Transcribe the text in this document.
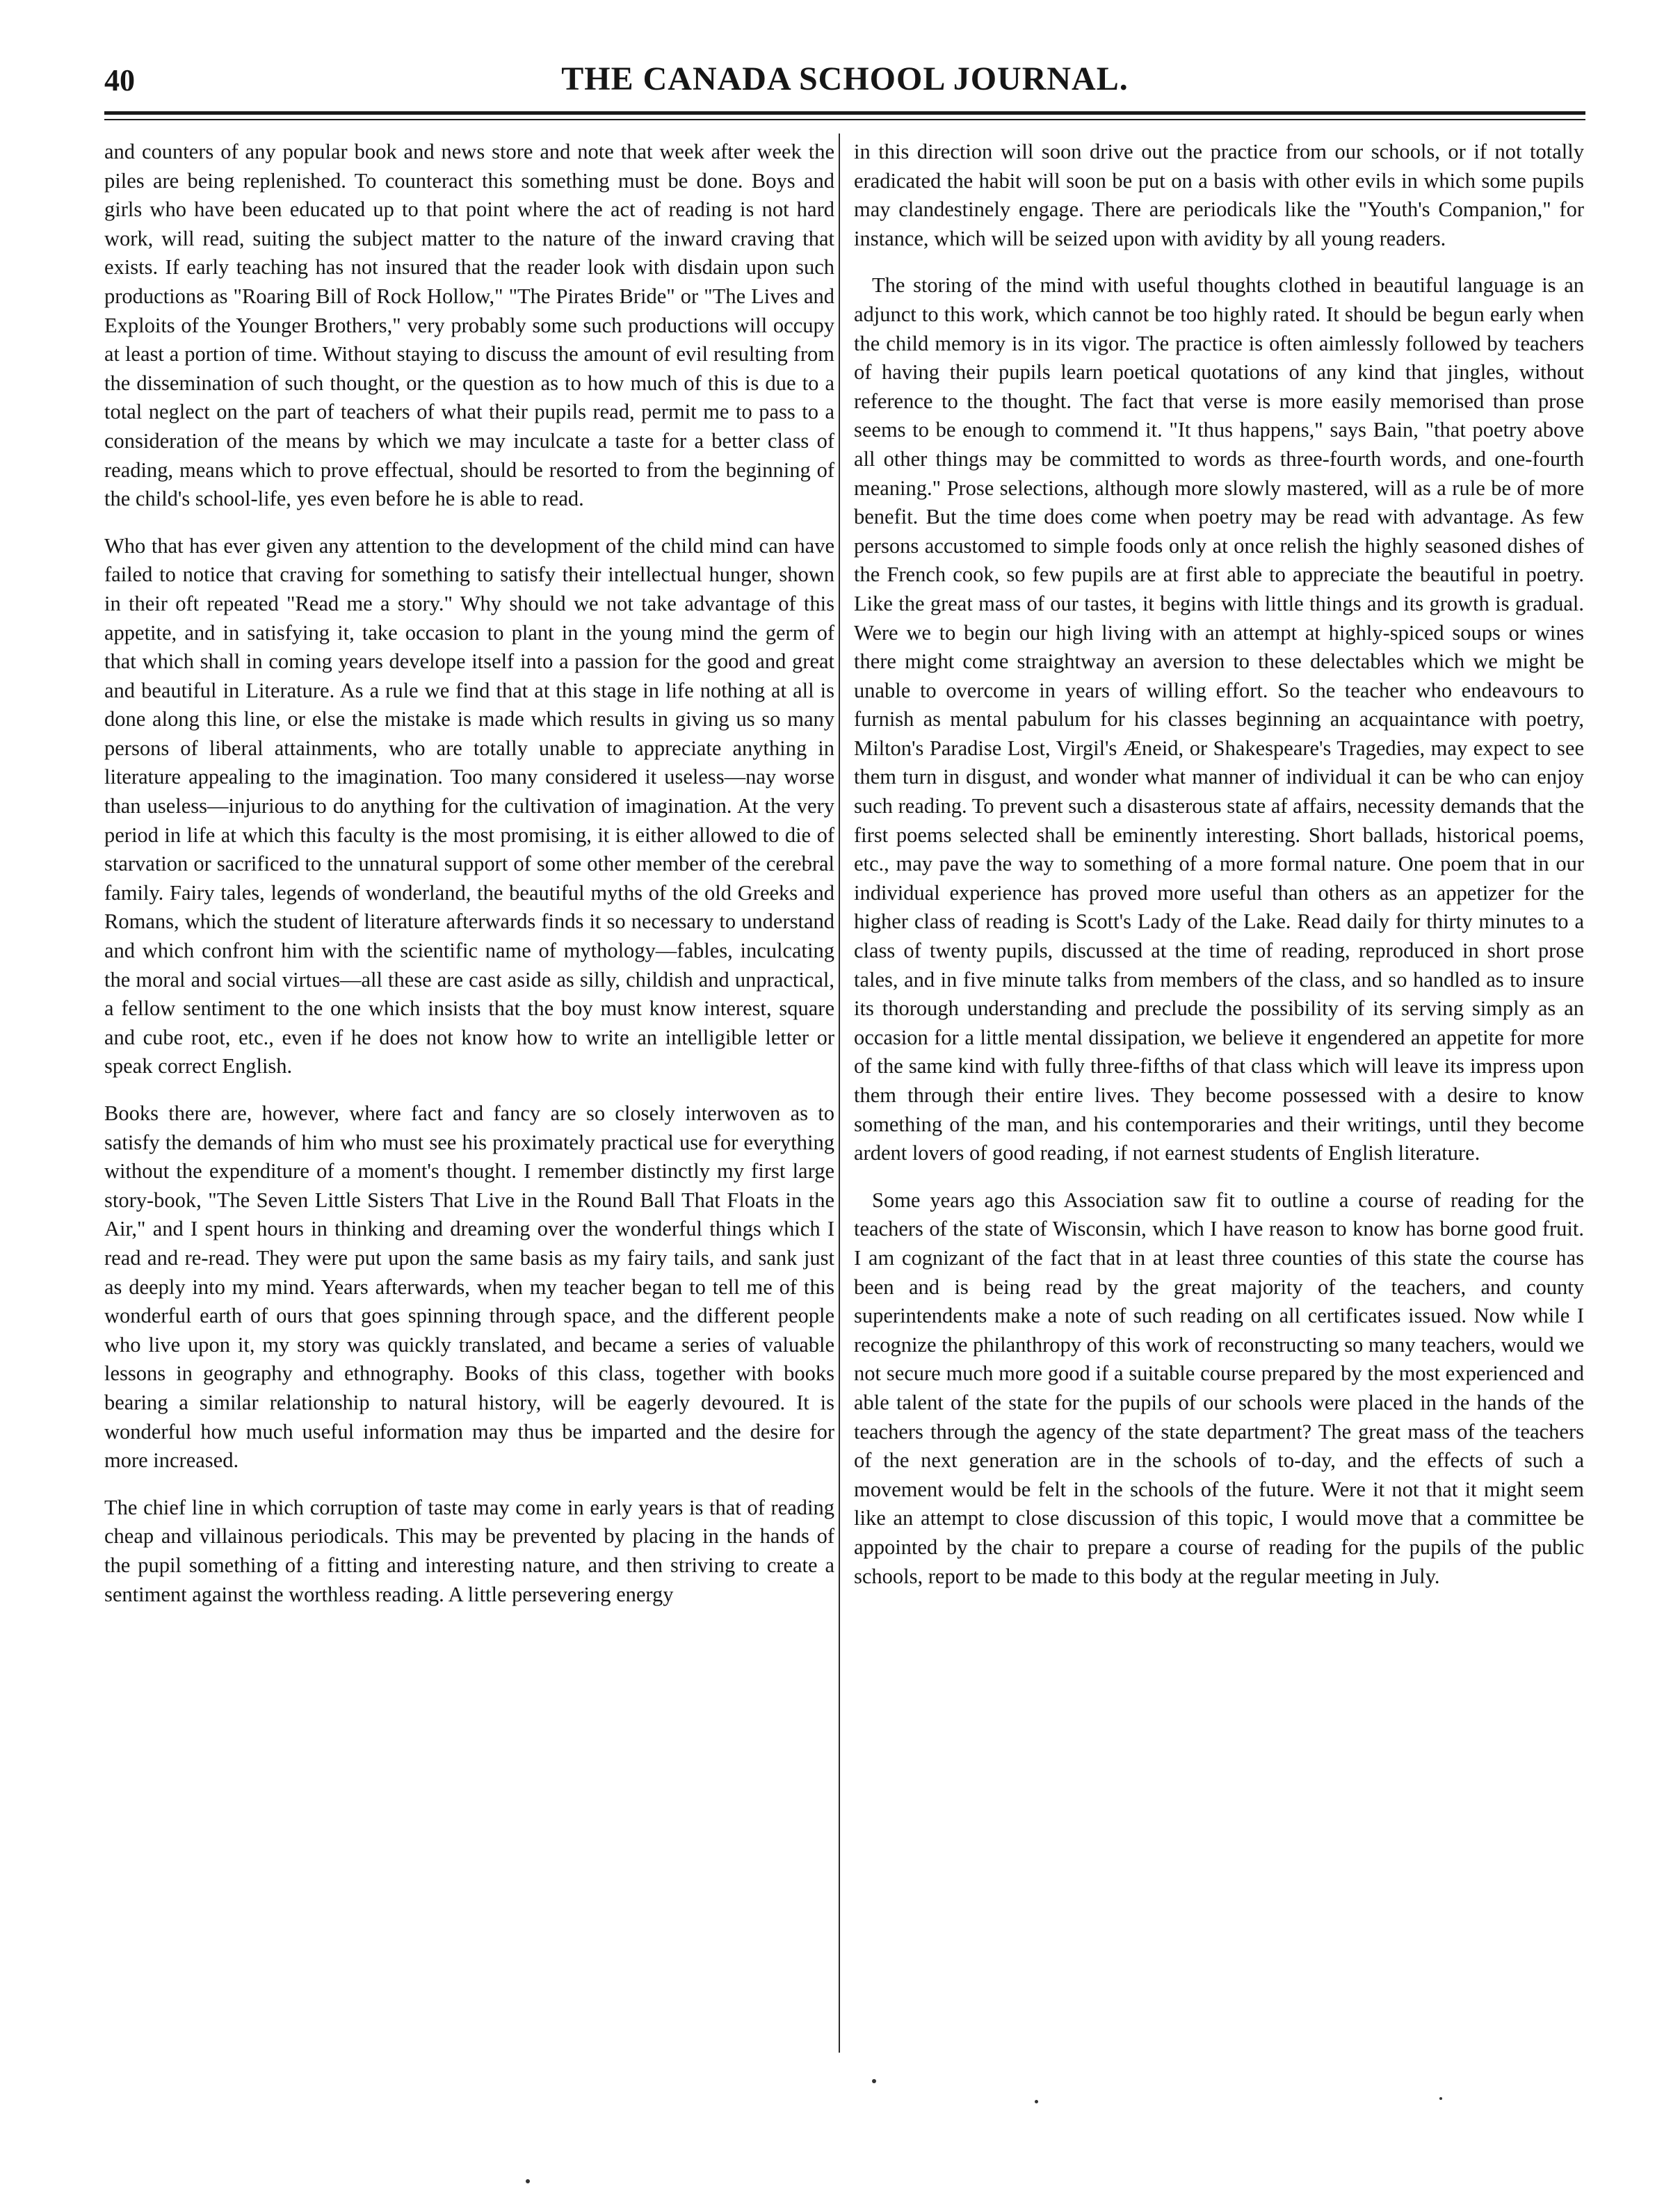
40	THE CANADA SCHOOL JOURNAL.

and counters of any popular book and news store and note that week after week the piles are being replenished. To counteract this something must be done. Boys and girls who have been educated up to that point where the act of reading is not hard work, will read, suiting the subject matter to the nature of the inward craving that exists. If early teaching has not insured that the reader look with disdain upon such productions as "Roaring Bill of Rock Hollow," "The Pirates Bride" or "The Lives and Exploits of the Younger Brothers," very probably some such productions will occupy at least a portion of time. Without staying to discuss the amount of evil resulting from the dissemination of such thought, or the question as to how much of this is due to a total neglect on the part of teachers of what their pupils read, permit me to pass to a consideration of the means by which we may inculcate a taste for a better class of reading, means which to prove effectual, should be resorted to from the beginning of the child's school-life, yes even before he is able to read.

Who that has ever given any attention to the development of the child mind can have failed to notice that craving for something to satisfy their intellectual hunger, shown in their oft repeated "Read me a story." Why should we not take advantage of this appetite, and in satisfying it, take occasion to plant in the young mind the germ of that which shall in coming years develope itself into a passion for the good and great and beautiful in Literature. As a rule we find that at this stage in life nothing at all is done along this line, or else the mistake is made which results in giving us so many persons of liberal attainments, who are totally unable to appreciate anything in literature appealing to the imagination. Too many considered it useless—nay worse than useless—injurious to do anything for the cultivation of imagination. At the very period in life at which this faculty is the most promising, it is either allowed to die of starvation or sacrificed to the unnatural support of some other member of the cerebral family. Fairy tales, legends of wonderland, the beautiful myths of the old Greeks and Romans, which the student of literature afterwards finds it so necessary to understand and which confront him with the scientific name of mythology—fables, inculcating the moral and social virtues—all these are cast aside as silly, childish and unpractical, a fellow sentiment to the one which insists that the boy must know interest, square and cube root, etc., even if he does not know how to write an intelligible letter or speak correct English.

Books there are, however, where fact and fancy are so closely interwoven as to satisfy the demands of him who must see his proximately practical use for everything without the expenditure of a moment's thought. I remember distinctly my first large story-book, "The Seven Little Sisters That Live in the Round Ball That Floats in the Air," and I spent hours in thinking and dreaming over the wonderful things which I read and re-read. They were put upon the same basis as my fairy tails, and sank just as deeply into my mind. Years afterwards, when my teacher began to tell me of this wonderful earth of ours that goes spinning through space, and the different people who live upon it, my story was quickly translated, and became a series of valuable lessons in geography and ethnography. Books of this class, together with books bearing a similar relationship to natural history, will be eagerly devoured. It is wonderful how much useful information may thus be imparted and the desire for more increased.

The chief line in which corruption of taste may come in early years is that of reading cheap and villainous periodicals. This may be prevented by placing in the hands of the pupil something of a fitting and interesting nature, and then striving to create a sentiment against the worthless reading. A little persevering energy

in this direction will soon drive out the practice from our schools, or if not totally eradicated the habit will soon be put on a basis with other evils in which some pupils may clandestinely engage. There are periodicals like the "Youth's Companion," for instance, which will be seized upon with avidity by all young readers.

The storing of the mind with useful thoughts clothed in beautiful language is an adjunct to this work, which cannot be too highly rated. It should be begun early when the child memory is in its vigor. The practice is often aimlessly followed by teachers of having their pupils learn poetical quotations of any kind that jingles, without reference to the thought. The fact that verse is more easily memorised than prose seems to be enough to commend it. "It thus happens," says Bain, "that poetry above all other things may be committed to words as three-fourth words, and one-fourth meaning." Prose selections, although more slowly mastered, will as a rule be of more benefit. But the time does come when poetry may be read with advantage. As few persons accustomed to simple foods only at once relish the highly seasoned dishes of the French cook, so few pupils are at first able to appreciate the beautiful in poetry. Like the great mass of our tastes, it begins with little things and its growth is gradual. Were we to begin our high living with an attempt at highly-spiced soups or wines there might come straightway an aversion to these delectables which we might be unable to overcome in years of willing effort. So the teacher who endeavours to furnish as mental pabulum for his classes beginning an acquaintance with poetry, Milton's Paradise Lost, Virgil's Æneid, or Shakespeare's Tragedies, may expect to see them turn in disgust, and wonder what manner of individual it can be who can enjoy such reading. To prevent such a disasterous state af affairs, necessity demands that the first poems selected shall be eminently interesting. Short ballads, historical poems, etc., may pave the way to something of a more formal nature. One poem that in our individual experience has proved more useful than others as an appetizer for the higher class of reading is Scott's Lady of the Lake. Read daily for thirty minutes to a class of twenty pupils, discussed at the time of reading, reproduced in short prose tales, and in five minute talks from members of the class, and so handled as to insure its thorough understanding and preclude the possibility of its serving simply as an occasion for a little mental dissipation, we believe it engendered an appetite for more of the same kind with fully three-fifths of that class which will leave its impress upon them through their entire lives. They become possessed with a desire to know something of the man, and his contemporaries and their writings, until they become ardent lovers of good reading, if not earnest students of English literature.

Some years ago this Association saw fit to outline a course of reading for the teachers of the state of Wisconsin, which I have reason to know has borne good fruit. I am cognizant of the fact that in at least three counties of this state the course has been and is being read by the great majority of the teachers, and county superintendents make a note of such reading on all certificates issued. Now while I recognize the philanthropy of this work of reconstructing so many teachers, would we not secure much more good if a suitable course prepared by the most experienced and able talent of the state for the pupils of our schools were placed in the hands of the teachers through the agency of the state department? The great mass of the teachers of the next generation are in the schools of to-day, and the effects of such a movement would be felt in the schools of the future. Were it not that it might seem like an attempt to close discussion of this topic, I would move that a committee be appointed by the chair to prepare a course of reading for the pupils of the public schools, report to be made to this body at the regular meeting in July.
